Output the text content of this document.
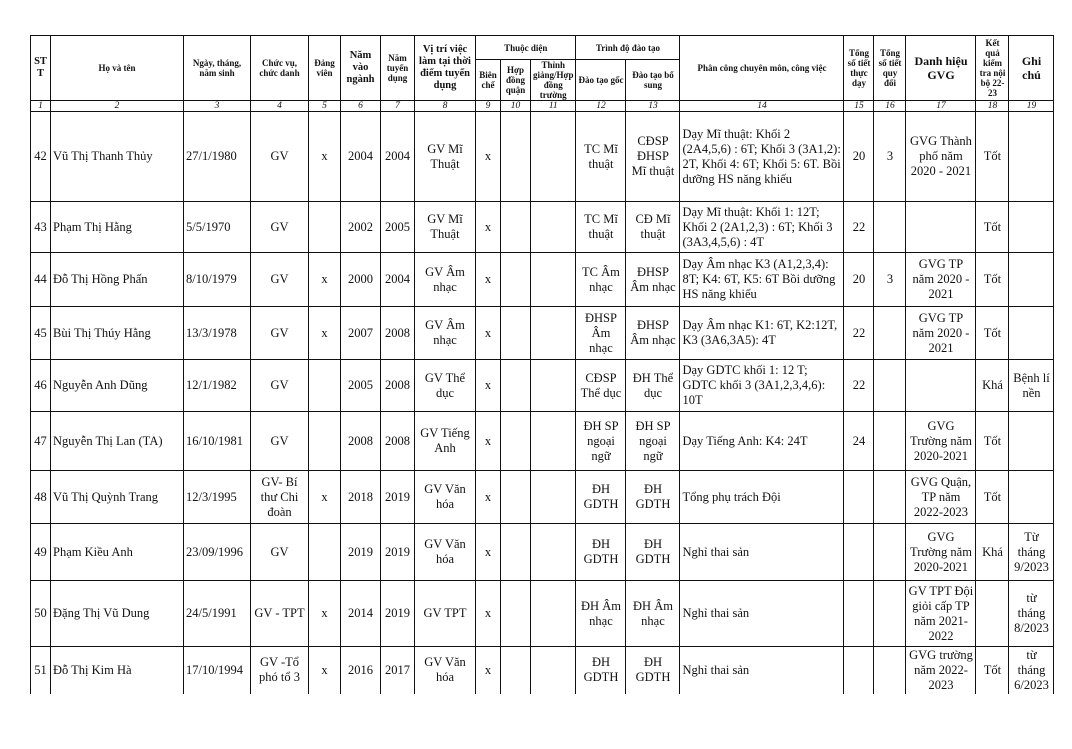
ST T	Họ và tên	Ngày, tháng, năm sinh	Chức vụ, chức danh	Đảng viên	Năm vào ngành	Năm tuyển dụng	Vị trí việc làm tại thời điểm tuyển dụng	Thuộc diện			Trình độ đào tạo		Phân công chuyên môn, công việc	Tổng số tiết thực dạy	Tổng số tiết quy đổi	Danh hiệu GVG	Kết quả kiểm tra nội bộ 22- 23	Ghi chú
								Biên chế	Hợp đồng quận	Thỉnh giảng/Hợp đồng trường	Đào tạo gốc	Đào tạo bổ sung						
1	2	3	4	5	6	7	8	9	10	11	12	13	14	15	16	17	18	19
42	Vũ Thị Thanh Thủy	27/1/1980	GV	x	2004	2004	GV Mĩ Thuật	x			TC Mĩ thuật	CĐSP ĐHSP Mĩ thuật	Dạy Mĩ thuật: Khối 2 (2A4,5,6) : 6T; Khối 3 (3A1,2): 2T, Khối 4: 6T; Khối 5: 6T. Bồi dưỡng HS năng khiếu	20	3	GVG Thành phố năm 2020 - 2021	Tốt	
43	Phạm Thị Hằng	5/5/1970	GV		2002	2005	GV Mĩ Thuật	x			TC Mĩ thuật	CĐ Mĩ thuật	Dạy Mĩ thuật: Khối 1: 12T; Khối 2 (2A1,2,3) : 6T; Khối 3 (3A3,4,5,6) : 4T	22			Tốt	
44	Đỗ Thị Hồng Phấn	8/10/1979	GV	x	2000	2004	GV Âm nhạc	x			TC Âm nhạc	ĐHSP Âm nhạc	Dạy Âm nhạc K3 (A1,2,3,4): 8T; K4: 6T, K5: 6T Bồi dưỡng HS năng khiếu	20	3	GVG TP năm 2020 - 2021	Tốt	
45	Bùi Thị Thúy Hằng	13/3/1978	GV	x	2007	2008	GV Âm nhạc	x			ĐHSP Âm nhạc	ĐHSP Âm nhạc	Dạy Âm nhạc K1: 6T, K2:12T, K3 (3A6,3A5): 4T	22		GVG TP năm 2020 - 2021	Tốt	
46	Nguyễn Anh Dũng	12/1/1982	GV		2005	2008	GV Thể dục	x			CĐSP Thể dục	ĐH Thể dục	Dạy GDTC khối 1: 12 T; GDTC khối 3 (3A1,2,3,4,6): 10T	22			Khá	Bệnh lí nền
47	Nguyễn Thị Lan (TA)	16/10/1981	GV		2008	2008	GV Tiếng Anh	x			ĐH SP ngoại ngữ	ĐH SP ngoại ngữ	Dạy Tiếng Anh: K4: 24T	24		GVG Trường năm 2020-2021	Tốt	
48	Vũ Thị Quỳnh Trang	12/3/1995	GV- Bí thư Chi đoàn	x	2018	2019	GV Văn hóa	x			ĐH GDTH	ĐH GDTH	Tổng phụ trách Đội			GVG Quận, TP năm 2022-2023	Tốt	
49	Phạm Kiều Anh	23/09/1996	GV		2019	2019	GV Văn hóa	x			ĐH GDTH	ĐH GDTH	Nghỉ thai sản			GVG Trường năm 2020-2021	Khá	Từ tháng 9/2023
50	Đặng Thị Vũ Dung	24/5/1991	GV - TPT	x	2014	2019	GV TPT	x			ĐH Âm nhạc	ĐH Âm nhạc	Nghỉ thai sản			GV TPT Đội giỏi cấp TP năm 2021-2022		từ tháng 8/2023
51	Đỗ Thị Kim Hà	17/10/1994	GV -Tổ phó tổ 3	x	2016	2017	GV Văn hóa	x			ĐH GDTH	ĐH GDTH	Nghỉ thai sản			GVG trường năm 2022-2023	Tốt	từ tháng 6/2023
